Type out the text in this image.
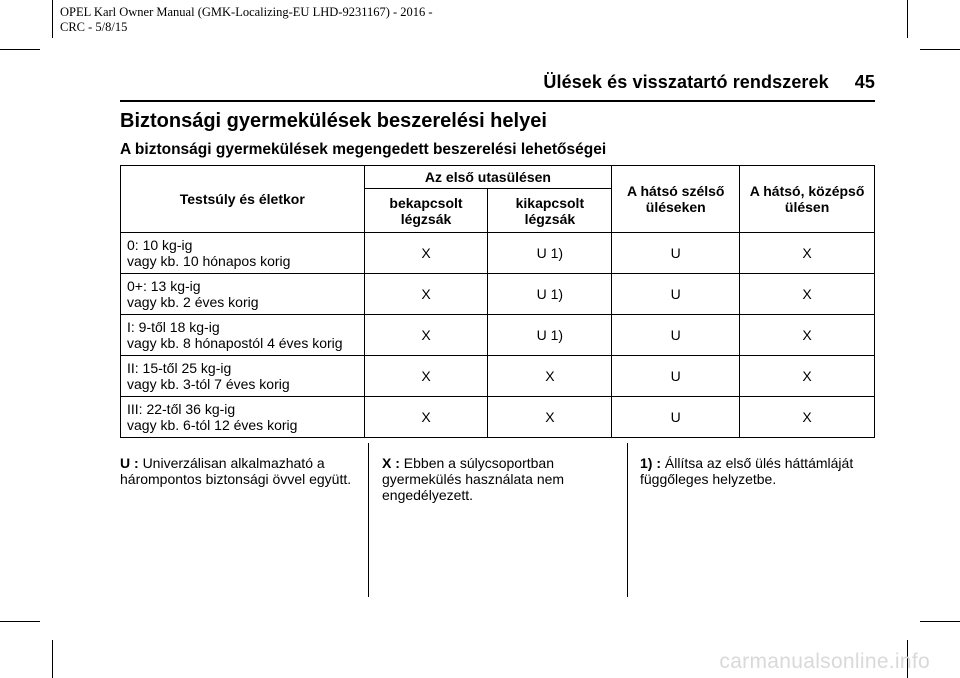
OPEL Karl Owner Manual (GMK-Localizing-EU LHD-9231167) - 2016 -
CRC - 5/8/15
Ülések és visszatartó rendszerek 45
Biztonsági gyermekülések beszerelési helyei
A biztonsági gyermekülések megengedett beszerelési lehetőségei
Testsúly és életkor	Az első utasülésen		A hátsó szélső üléseken	A hátsó, középső ülésen
	bekapcsolt légzsák	kikapcsolt légzsák		

0: 10 kg-ig
vagy kb. 10 hónapos korig	X	U 1)	U	X

0+: 13 kg-ig
vagy kb. 2 éves korig	X	U 1)	U	X

I: 9-től 18 kg-ig
vagy kb. 8 hónapostól 4 éves korig	X	U 1)	U	X

II: 15-től 25 kg-ig
vagy kb. 3-tól 7 éves korig	X	X	U	X

III: 22-től 36 kg-ig
vagy kb. 6-tól 12 éves korig	X	X	U	X
U : Univerzálisan alkalmazható a hárompontos biztonsági övvel együtt.
X : Ebben a súlycsoportban gyermekülés használata nem engedélyezett.
1) : Állítsa az első ülés háttámláját függőleges helyzetbe.
carmanualsonline.info
